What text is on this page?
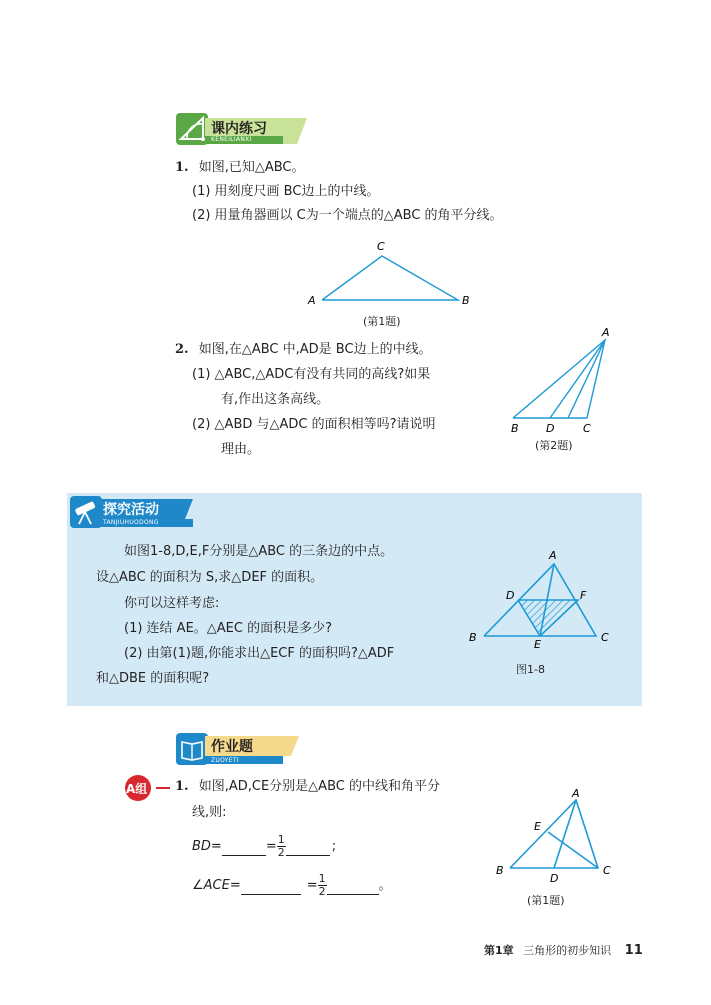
课内练习
KENEILIANXI
1. 如图,已知△ABC。
(1) 用刻度尺画 BC边上的中线。
(2) 用量角器画以 C为一个端点的△ABC 的角平分线。
A	B
C
(第1题)
2. 如图,在△ABC 中,AD是 BC边上的中线。
(1) △ABC,△ADC有没有共同的高线?如果
有,作出这条高线。
(2) △ABD 与△ADC 的面积相等吗?请说明
理由。
A
B D	C
(第2题)
探究活动
TANJIUHUODONG
如图1-8,D,E,F分别是△ABC 的三条边的中点。
设△ABC 的面积为 S,求△DEF 的面积。
你可以这样考虑:
(1) 连结 AE。△AEC 的面积是多少?
(2) 由第(1)题,你能求出△ECF 的面积吗?△ADF
和△DBE 的面积呢?
A
B	C
D
E
F
图1-8
作业题
ZUOYETI
A组 1. 如图,AD,CE分别是△ABC 的中线和角平分
线,则:
BD=	= $\frac{1}{2}$	;
∠ACE=	= $\frac{1}{2}$	。
A
B	C
D
E
(第1题)
第1章 三角形的初步知识 11
